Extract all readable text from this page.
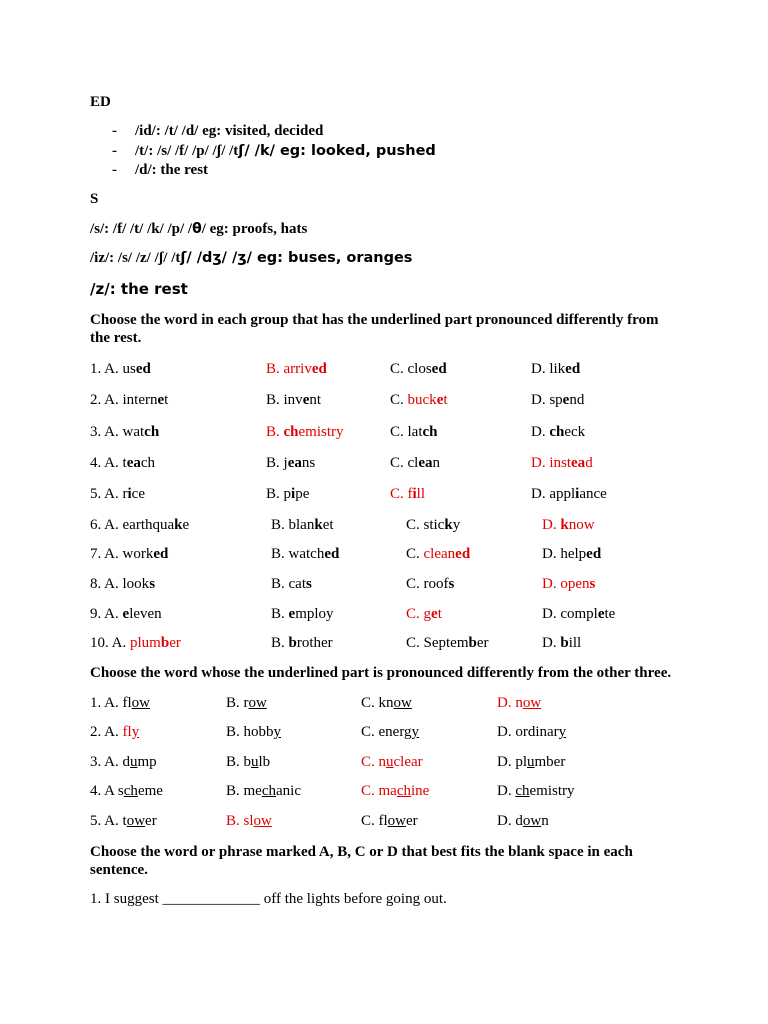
ED
- /id/: /t/ /d/ eg: visited, decided
- /t/: /s/ /f/ /p/ /ʃ/ /tʃ/ /k/ eg: looked, pushed
- /d/: the rest
S
/s/: /f/ /t/ /k/ /p/ /θ/ eg: proofs, hats
/iz/: /s/ /z/ /ʃ/ /tʃ/ /dʒ/ /ʒ/ eg: buses, oranges
/z/: the rest
Choose the word in each group that has the underlined part pronounced differently from the rest.
1. A. used	B. arrived	C. closed	D. liked
2. A. internet	B. invent	C. bucket	D. spend
3. A. watch	B. chemistry	C. latch	D. check
4. A. teach	B. jeans	C. clean	D. instead
5. A. rice	B. pipe	C. fill	D. appliance
6. A. earthquake	B. blanket	C. sticky	D. know
7. A. worked	B. watched	C. cleaned	D. helped
8. A. looks	B. cats	C. roofs	D. opens
9. A. eleven	B. employ	C. get	D. complete
10. A. plumber	B. brother	C. September	D. bill
Choose the word whose the underlined part is pronounced differently from the other three.
1. A. flow	B. row	C. know	D. now
2. A. fly	B. hobby	C. energy	D. ordinary
3. A. dump	B. bulb	C. nuclear	D. plumber
4. A scheme	B. mechanic	C. machine	D. chemistry
5. A. tower	B. slow	C. flower	D. down
Choose the word or phrase marked A, B, C or D that best fits the blank space in each sentence.
1. I suggest _____________ off the lights before going out.
